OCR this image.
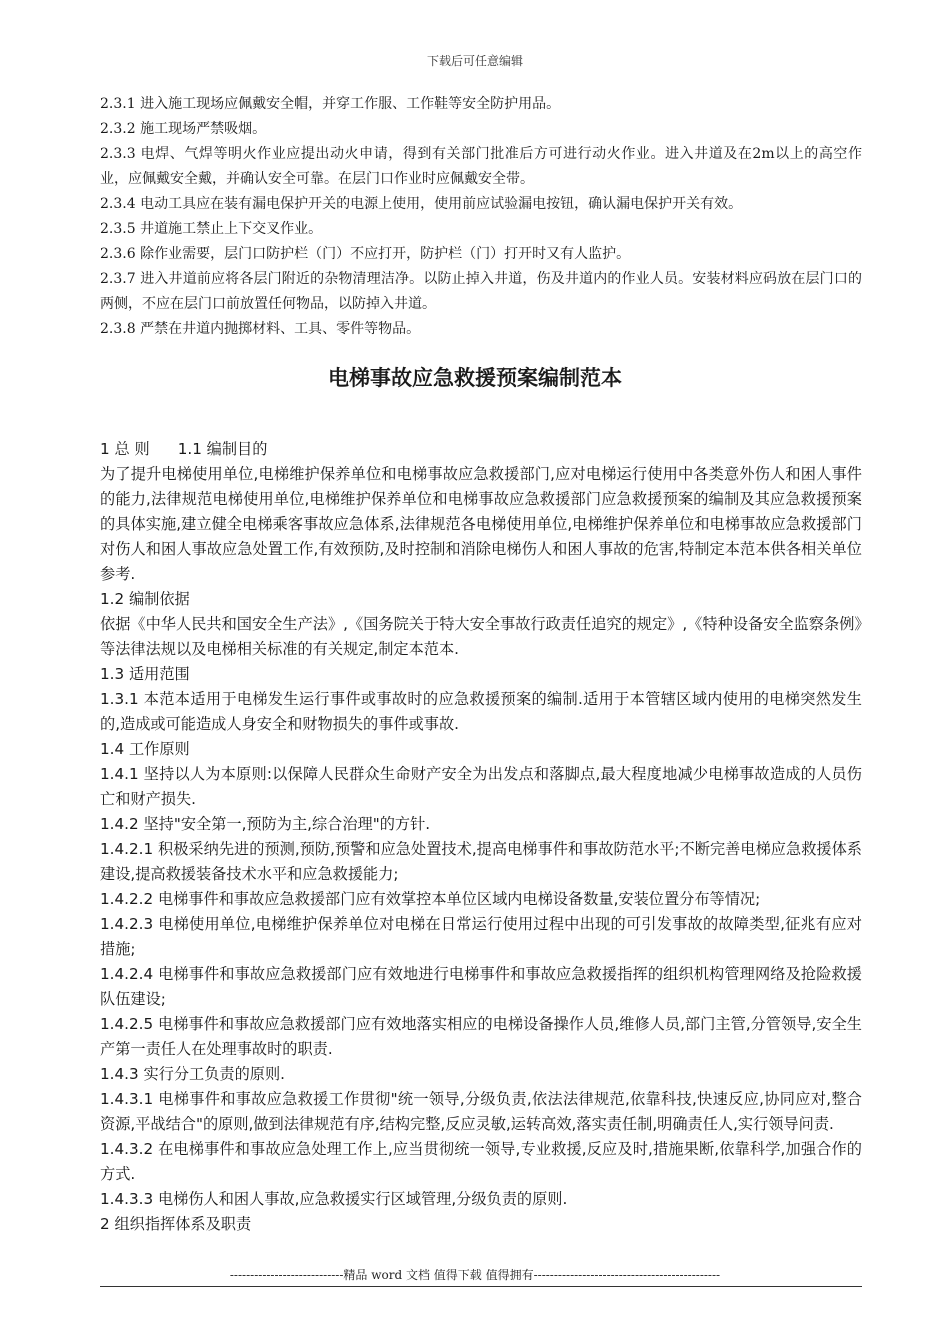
下载后可任意编辑

2.3.1 进入施工现场应佩戴安全帽，并穿工作服、工作鞋等安全防护用品。

2.3.2 施工现场严禁吸烟。

2.3.3 电焊、气焊等明火作业应提出动火申请，得到有关部门批准后方可进行动火作业。进入井道及在2m以上的高空作业，应佩戴安全戴，并确认安全可靠。在层门口作业时应佩戴安全带。

2.3.4 电动工具应在装有漏电保护开关的电源上使用，使用前应试验漏电按钮，确认漏电保护开关有效。

2.3.5 井道施工禁止上下交叉作业。

2.3.6 除作业需要，层门口防护栏（门）不应打开，防护栏（门）打开时又有人监护。

2.3.7 进入井道前应将各层门附近的杂物清理洁净。以防止掉入井道，伤及井道内的作业人员。安装材料应码放在层门口的两侧，不应在层门口前放置任何物品，以防掉入井道。

2.3.8 严禁在井道内抛掷材料、工具、零件等物品。

电梯事故应急救援预案编制范本

1 总 则 1.1 编制目的

为了提升电梯使用单位,电梯维护保养单位和电梯事故应急救援部门,应对电梯运行使用中各类意外伤人和困人事件的能力,法律规范电梯使用单位,电梯维护保养单位和电梯事故应急救援部门应急救援预案的编制及其应急救援预案的具体实施,建立健全电梯乘客事故应急体系,法律规范各电梯使用单位,电梯维护保养单位和电梯事故应急救援部门对伤人和困人事故应急处置工作,有效预防,及时控制和消除电梯伤人和困人事故的危害,特制定本范本供各相关单位参考.

1.2 编制依据

依据《中华人民共和国安全生产法》,《国务院关于特大安全事故行政责任追究的规定》,《特种设备安全监察条例》等法律法规以及电梯相关标准的有关规定,制定本范本.

1.3 适用范围

1.3.1 本范本适用于电梯发生运行事件或事故时的应急救援预案的编制.适用于本管辖区域内使用的电梯突然发生的,造成或可能造成人身安全和财物损失的事件或事故.

1.4 工作原则

1.4.1 坚持以人为本原则:以保障人民群众生命财产安全为出发点和落脚点,最大程度地减少电梯事故造成的人员伤亡和财产损失.

1.4.2 坚持"安全第一,预防为主,综合治理"的方针.

1.4.2.1 积极采纳先进的预测,预防,预警和应急处置技术,提高电梯事件和事故防范水平;不断完善电梯应急救援体系建设,提高救援装备技术水平和应急救援能力;

1.4.2.2 电梯事件和事故应急救援部门应有效掌控本单位区域内电梯设备数量,安装位置分布等情况;

1.4.2.3 电梯使用单位,电梯维护保养单位对电梯在日常运行使用过程中出现的可引发事故的故障类型,征兆有应对措施;

1.4.2.4 电梯事件和事故应急救援部门应有效地进行电梯事件和事故应急救援指挥的组织机构管理网络及抢险救援队伍建设;

1.4.2.5 电梯事件和事故应急救援部门应有效地落实相应的电梯设备操作人员,维修人员,部门主管,分管领导,安全生产第一责任人在处理事故时的职责.

1.4.3 实行分工负责的原则.

1.4.3.1 电梯事件和事故应急救援工作贯彻"统一领导,分级负责,依法法律规范,依靠科技,快速反应,协同应对,整合资源,平战结合"的原则,做到法律规范有序,结构完整,反应灵敏,运转高效,落实责任制,明确责任人,实行领导问责.

1.4.3.2 在电梯事件和事故应急处理工作上,应当贯彻统一领导,专业救援,反应及时,措施果断,依靠科学,加强合作的方式.

1.4.3.3 电梯伤人和困人事故,应急救援实行区域管理,分级负责的原则.

2 组织指挥体系及职责

----------------------------精品 word 文档 值得下载 值得拥有----------------------------------------------
